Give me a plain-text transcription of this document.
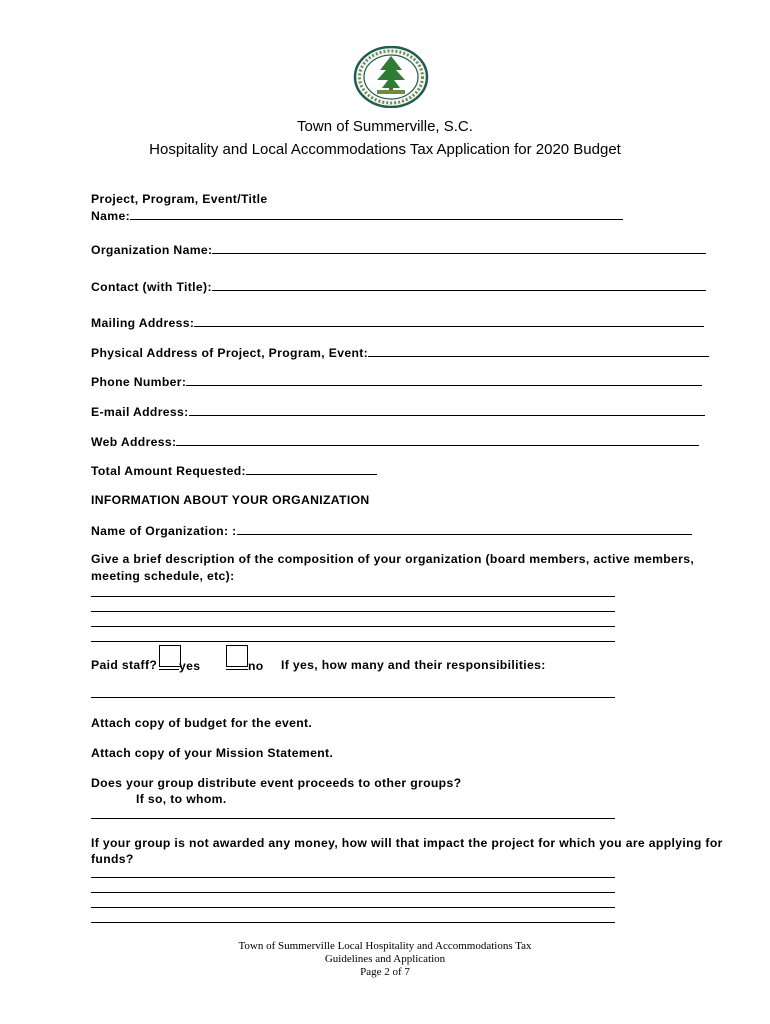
Town of Summerville, S.C.
Hospitality and Local Accommodations Tax Application for 2020 Budget
Project, Program, Event/Title
Name:
Organization Name:
Contact (with Title):
Mailing Address:
Physical Address of Project, Program, Event:
Phone Number:
E-mail Address:
Web Address:
Total Amount Requested:
INFORMATION ABOUT YOUR ORGANIZATION
Name of Organization: :
Give a brief description of the composition of your organization (board members, active members,
meeting schedule, etc):
Paid staff?	yes	no If yes, how many and their responsibilities:
Attach copy of budget for the event.
Attach copy of your Mission Statement.
Does your group distribute event proceeds to other groups?
If so, to whom.
If your group is not awarded any money, how will that impact the project for which you are applying for
funds?
Town of Summerville Local Hospitality and Accommodations Tax
Guidelines and Application
Page 2 of 7
